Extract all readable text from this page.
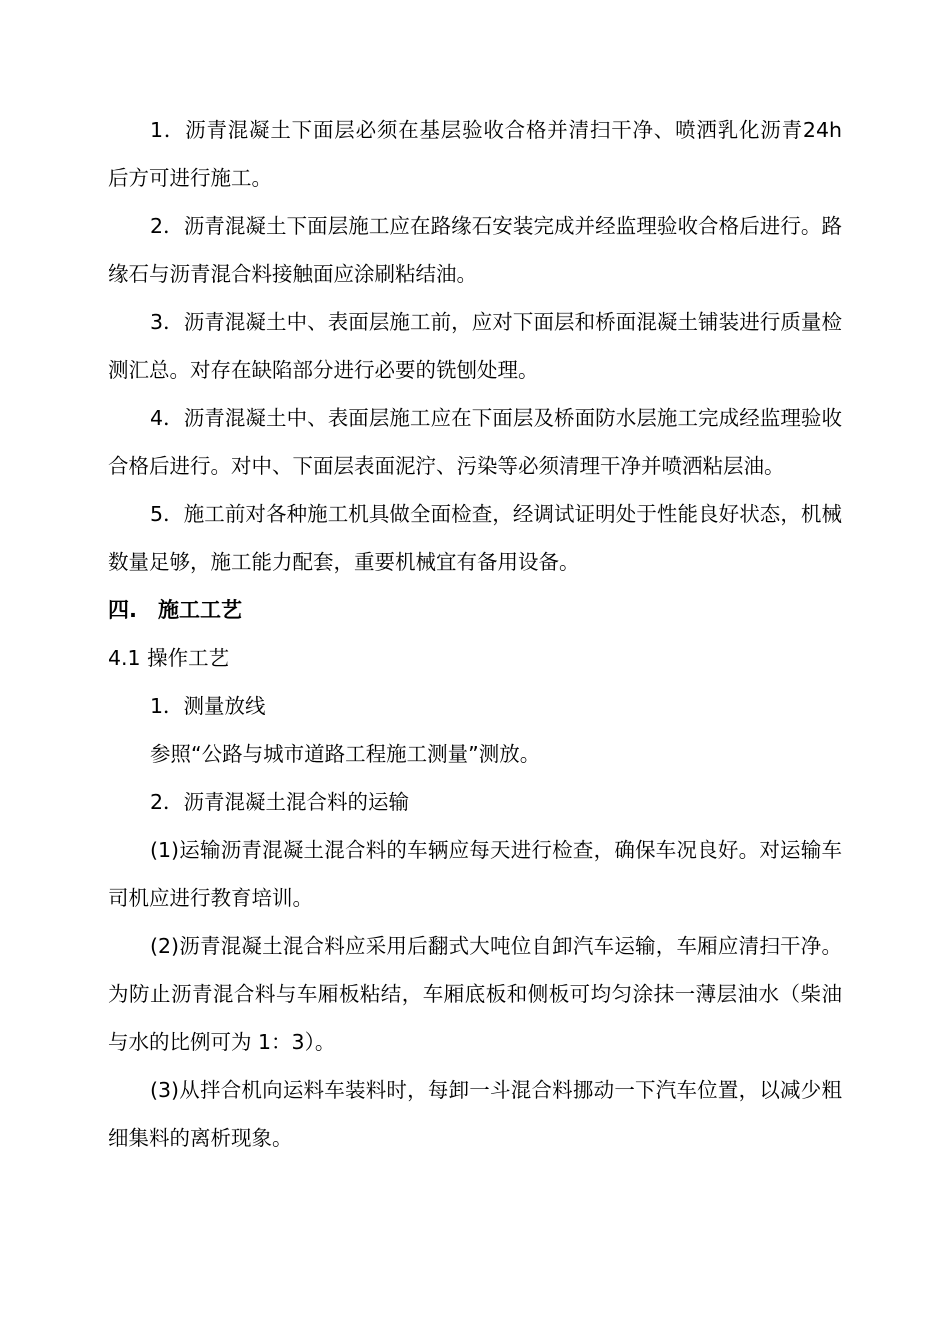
1．沥青混凝土下面层必须在基层验收合格并清扫干净、喷洒乳化沥青24h 后方可进行施工。

2．沥青混凝土下面层施工应在路缘石安装完成并经监理验收合格后进行。路缘石与沥青混合料接触面应涂刷粘结油。

3．沥青混凝土中、表面层施工前，应对下面层和桥面混凝土铺装进行质量检测汇总。对存在缺陷部分进行必要的铣刨处理。

4．沥青混凝土中、表面层施工应在下面层及桥面防水层施工完成经监理验收合格后进行。对中、下面层表面泥泞、污染等必须清理干净并喷洒粘层油。

5．施工前对各种施工机具做全面检查，经调试证明处于性能良好状态，机械数量足够，施工能力配套，重要机械宜有备用设备。

四. 施工工艺

4.1 操作工艺

1．测量放线

参照“公路与城市道路工程施工测量”测放。

2．沥青混凝土混合料的运输

(1)运输沥青混凝土混合料的车辆应每天进行检查，确保车况良好。对运输车司机应进行教育培训。

(2)沥青混凝土混合料应采用后翻式大吨位自卸汽车运输，车厢应清扫干净。为防止沥青混合料与车厢板粘结，车厢底板和侧板可均匀涂抹一薄层油水（柴油与水的比例可为 1：3）。

(3)从拌合机向运料车装料时，每卸一斗混合料挪动一下汽车位置，以减少粗细集料的离析现象。
